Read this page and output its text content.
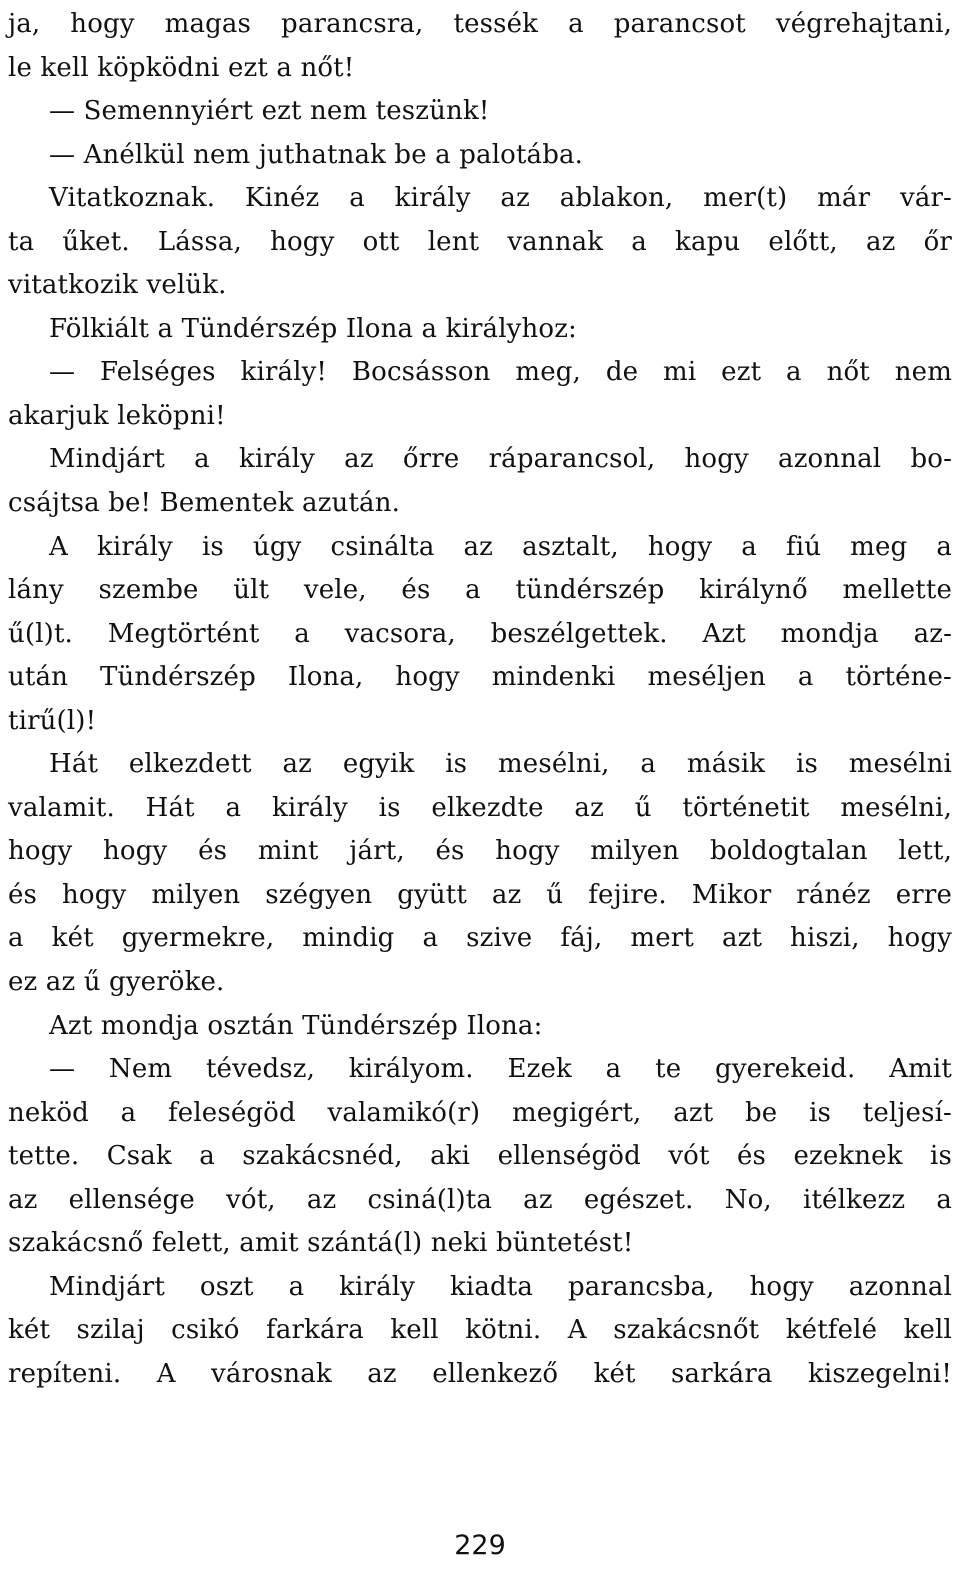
ja, hogy magas parancsra, tessék a parancsot végrehajtani,
le kell köpködni ezt a nőt!
— Semennyiért ezt nem teszünk!
— Anélkül nem juthatnak be a palotába.
Vitatkoznak. Kinéz a király az ablakon, mer(t) már vár-
ta űket. Lássa, hogy ott lent vannak a kapu előtt, az őr
vitatkozik velük.
Fölkiált a Tündérszép Ilona a királyhoz:
— Felséges király! Bocsásson meg, de mi ezt a nőt nem
akarjuk leköpni!
Mindjárt a király az őrre ráparancsol, hogy azonnal bo-
csájtsa be! Bementek azután.
A király is úgy csinálta az asztalt, hogy a fiú meg a
lány szembe ült vele, és a tündérszép királynő mellette
ű(l)t. Megtörtént a vacsora, beszélgettek. Azt mondja az-
után Tündérszép Ilona, hogy mindenki meséljen a történe-
tirű(l)!
Hát elkezdett az egyik is mesélni, a másik is mesélni
valamit. Hát a király is elkezdte az ű történetit mesélni,
hogy hogy és mint járt, és hogy milyen boldogtalan lett,
és hogy milyen szégyen gyütt az ű fejire. Mikor ránéz erre
a két gyermekre, mindig a szive fáj, mert azt hiszi, hogy
ez az ű gyeröke.
Azt mondja osztán Tündérszép Ilona:
— Nem tévedsz, királyom. Ezek a te gyerekeid. Amit
neköd a feleségöd valamikó(r) megigért, azt be is teljesí-
tette. Csak a szakácsnéd, aki ellenségöd vót és ezeknek is
az ellensége vót, az csiná(l)ta az egészet. No, itélkezz a
szakácsnő felett, amit szántá(l) neki büntetést!
Mindjárt oszt a király kiadta parancsba, hogy azonnal
két szilaj csikó farkára kell kötni. A szakácsnőt kétfelé kell
repíteni. A városnak az ellenkező két sarkára kiszegelni!
229
